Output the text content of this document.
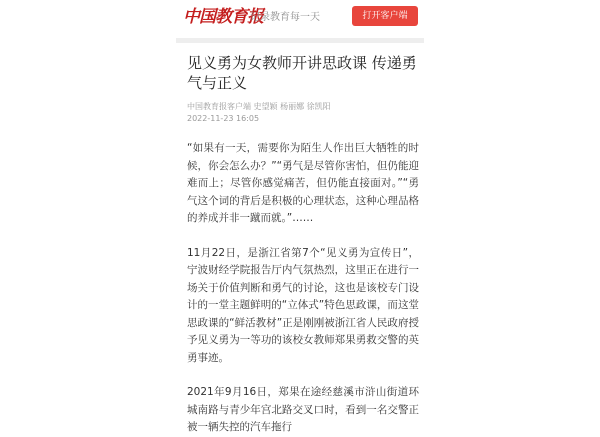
中国教育报
记录教育每一天	打开客户端
见义勇为女教师开讲思政课 传递勇气与正义
中国教育报客户端 史望颖 杨丽娜 徐凯阳
2022-11-23 16:05

“如果有一天，需要你为陌生人作出巨大牺牲的时候，你会怎么办？”“勇气是尽管你害怕，但仍能迎难而上；尽管你感觉痛苦，但仍能直接面对。”“勇气这个词的背后是积极的心理状态，这种心理品格的养成并非一蹴而就。”……

11月22日，是浙江省第7个“见义勇为宣传日”，宁波财经学院报告厅内气氛热烈，这里正在进行一场关于价值判断和勇气的讨论，这也是该校专门设计的一堂主题鲜明的“立体式”特色思政课，而这堂思政课的“鲜活教材”正是刚刚被浙江省人民政府授予见义勇为一等功的该校女教师郑果勇救交警的英勇事迹。

2021年9月16日，郑果在途经慈溪市浒山街道环城南路与青少年宫北路交叉口时，看到一名交警正被一辆失控的汽车拖行
